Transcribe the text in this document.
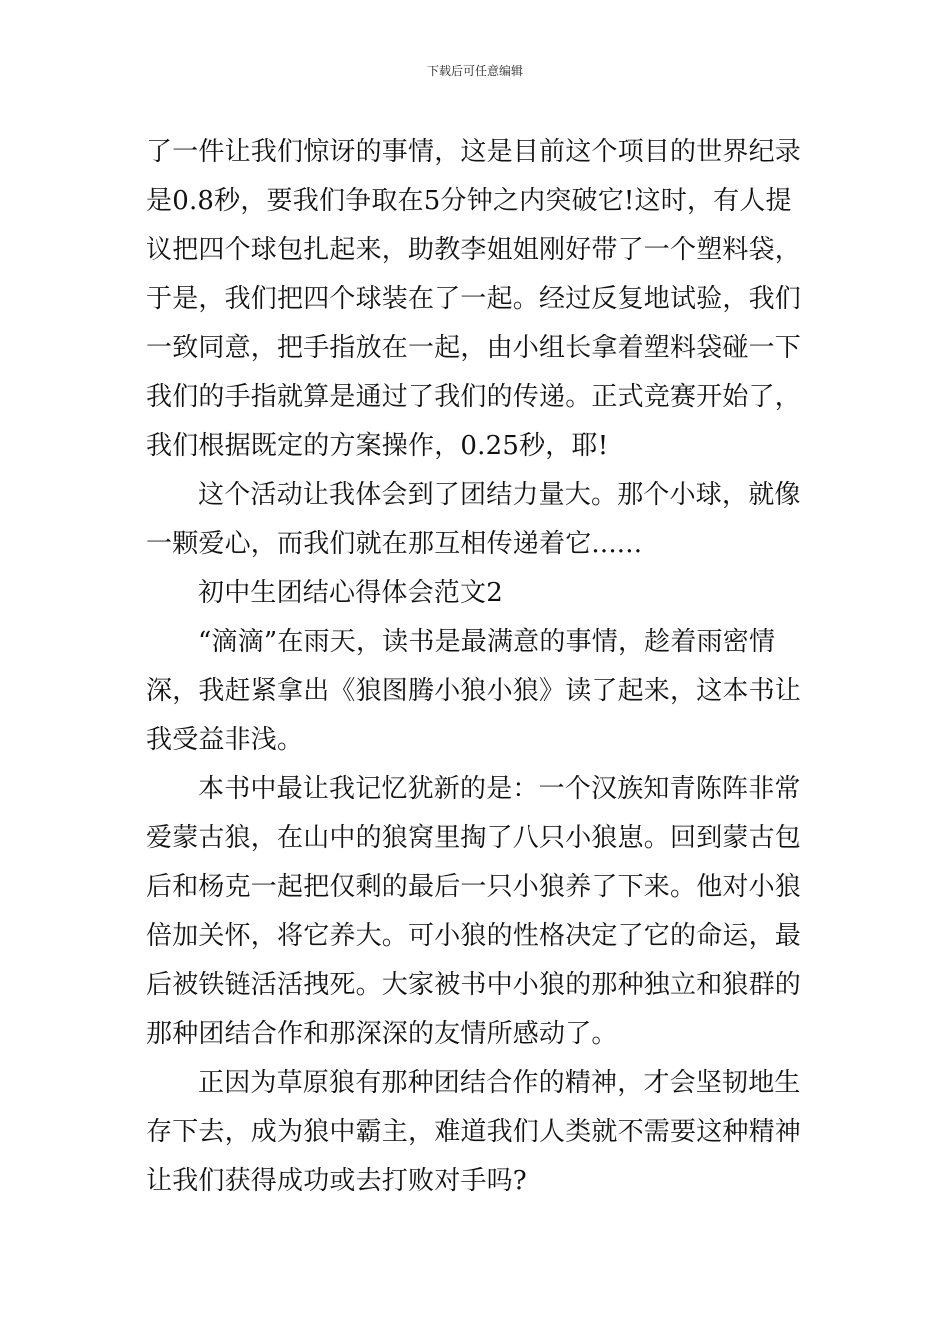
下载后可任意编辑
了一件让我们惊讶的事情，这是目前这个项目的世界纪录
是0.8秒，要我们争取在5分钟之内突破它!这时，有人提
议把四个球包扎起来，助教李姐姐刚好带了一个塑料袋，
于是，我们把四个球装在了一起。经过反复地试验，我们
一致同意，把手指放在一起，由小组长拿着塑料袋碰一下
我们的手指就算是通过了我们的传递。正式竞赛开始了，
我们根据既定的方案操作，0.25秒，耶!
这个活动让我体会到了团结力量大。那个小球，就像
一颗爱心，而我们就在那互相传递着它......
初中生团结心得体会范文2
“滴滴”在雨天，读书是最满意的事情，趁着雨密情
深，我赶紧拿出《狼图腾小狼小狼》读了起来，这本书让
我受益非浅。
本书中最让我记忆犹新的是：一个汉族知青陈阵非常
爱蒙古狼，在山中的狼窝里掏了八只小狼崽。回到蒙古包
后和杨克一起把仅剩的最后一只小狼养了下来。他对小狼
倍加关怀，将它养大。可小狼的性格决定了它的命运，最
后被铁链活活拽死。大家被书中小狼的那种独立和狼群的
那种团结合作和那深深的友情所感动了。
正因为草原狼有那种团结合作的精神，才会坚韧地生
存下去，成为狼中霸主，难道我们人类就不需要这种精神
让我们获得成功或去打败对手吗?
